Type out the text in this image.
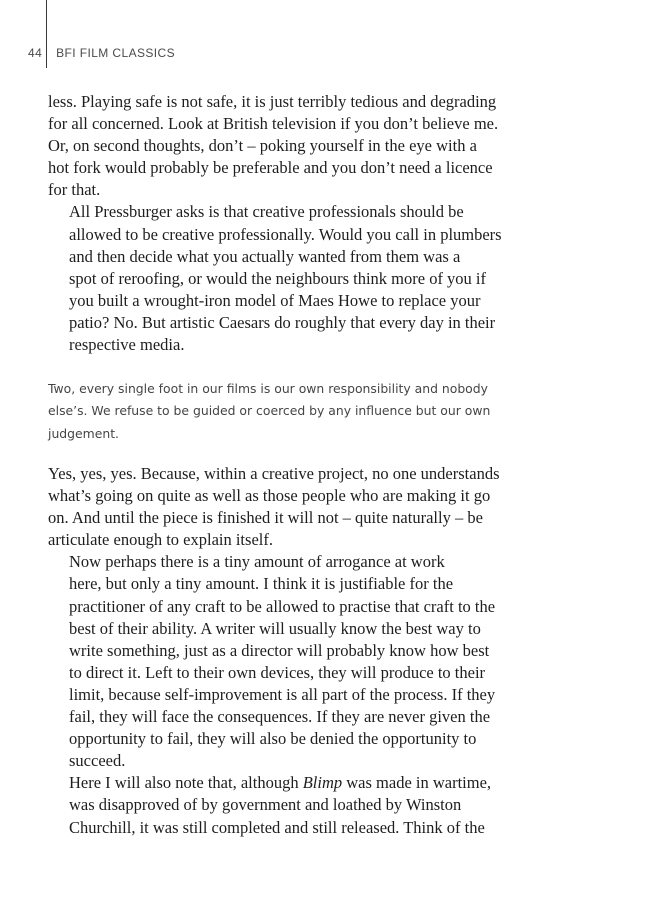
44	BFI FILM CLASSICS

less. Playing safe is not safe, it is just terribly tedious and degrading
for all concerned. Look at British television if you don’t believe me.
Or, on second thoughts, don’t – poking yourself in the eye with a
hot fork would probably be preferable and you don’t need a licence
for that.

All Pressburger asks is that creative professionals should be
allowed to be creative professionally. Would you call in plumbers
and then decide what you actually wanted from them was a
spot of reroofing, or would the neighbours think more of you if
you built a wrought-iron model of Maes Howe to replace your
patio? No. But artistic Caesars do roughly that every day in their
respective media.

Two, every single foot in our films is our own responsibility and nobody
else’s. We refuse to be guided or coerced by any influence but our own
judgement.

Yes, yes, yes. Because, within a creative project, no one understands
what’s going on quite as well as those people who are making it go
on. And until the piece is finished it will not – quite naturally – be
articulate enough to explain itself.

Now perhaps there is a tiny amount of arrogance at work
here, but only a tiny amount. I think it is justifiable for the
practitioner of any craft to be allowed to practise that craft to the
best of their ability. A writer will usually know the best way to
write something, just as a director will probably know how best
to direct it. Left to their own devices, they will produce to their
limit, because self-improvement is all part of the process. If they
fail, they will face the consequences. If they are never given the
opportunity to fail, they will also be denied the opportunity to
succeed.

Here I will also note that, although Blimp was made in wartime,
was disapproved of by government and loathed by Winston
Churchill, it was still completed and still released. Think of the
